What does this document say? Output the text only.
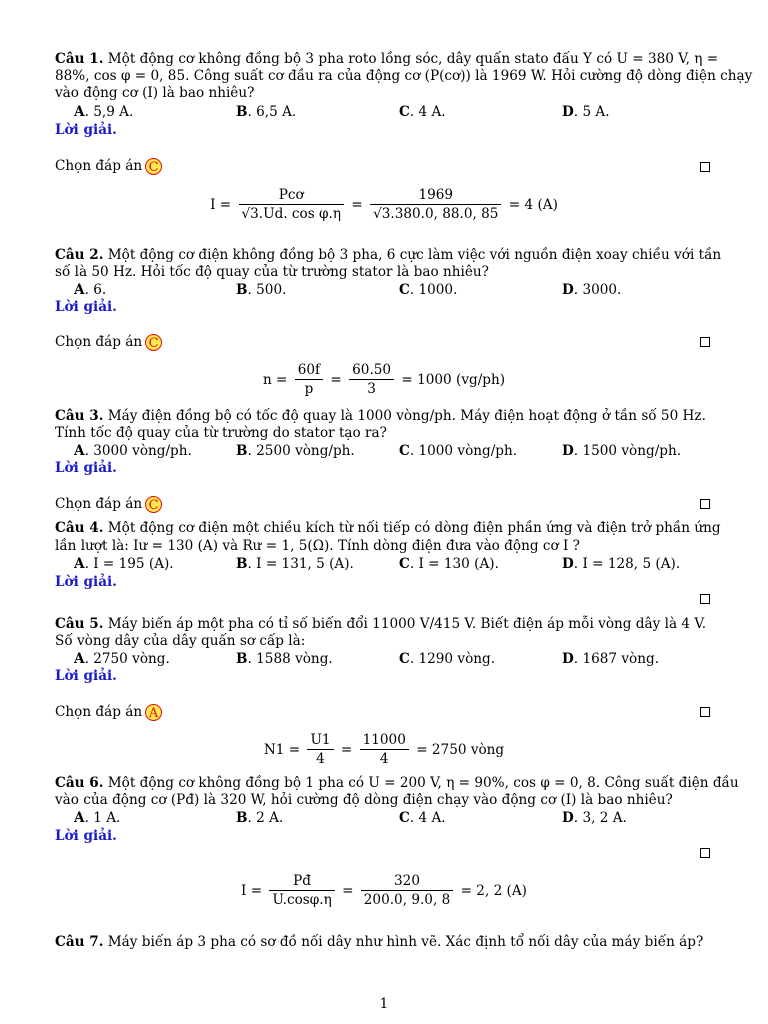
Câu 1. Một động cơ không đồng bộ 3 pha roto lồng sóc, dây quấn stato đấu Y có U = 380 V, η =
88%, cos φ = 0, 85. Công suất cơ đầu ra của động cơ (P(cơ)) là 1969 W. Hỏi cường độ dòng điện chạy
vào động cơ (I) là bao nhiêu?
A. 5,9 A.	B. 6,5 A.	C. 4 A.	D. 5 A.
Lời giải.
Chọn đáp án C
$I = \frac{\text{Pcơ}}{\text{√3.Ud. cos φ.η}} = \frac{1969}{√3.380.0, 88.0, 85} = 4$ (A)
Câu 2. Một động cơ điện không đồng bộ 3 pha, 6 cực làm việc với nguồn điện xoay chiều với tần
số là 50 Hz. Hỏi tốc độ quay của từ trường stator là bao nhiêu?
A. 6.	B. 500.	C. 1000.	D. 3000.
Lời giải.
Chọn đáp án C
$n = \frac{60f}{p} = \frac{60.50}{3} = 1000$ (vg/ph)
Câu 3. Máy điện đồng bộ có tốc độ quay là 1000 vòng/ph. Máy điện hoạt động ở tần số 50 Hz.
Tính tốc độ quay của từ trường do stator tạo ra?
A. 3000 vòng/ph.	B. 2500 vòng/ph.	C. 1000 vòng/ph.	D. 1500 vòng/ph.
Lời giải.
Chọn đáp án C
Câu 4. Một động cơ điện một chiều kích từ nối tiếp có dòng điện phần ứng và điện trở phần ứng
lần lượt là: Iư = 130 (A) và Rư = 1, 5(Ω). Tính dòng điện đưa vào động cơ I ?
A. I = 195 (A).	B. I = 131, 5 (A).	C. I = 130 (A).	D. I = 128, 5 (A).
Lời giải.
Câu 5. Máy biến áp một pha có tỉ số biến đổi 11000 V/415 V. Biết điện áp mỗi vòng dây là 4 V.
Số vòng dây của dây quấn sơ cấp là:
A. 2750 vòng.	B. 1588 vòng.	C. 1290 vòng.	D. 1687 vòng.
Lời giải.
Chọn đáp án A
$N1 = \frac{U1}{4} = \frac{11000}{4} = 2750$ vòng
Câu 6. Một động cơ không đồng bộ 1 pha có U = 200 V, η = 90%, cos φ = 0, 8. Công suất điện đầu
vào của động cơ (Pđ) là 320 W, hỏi cường độ dòng điện chạy vào động cơ (I) là bao nhiêu?
A. 1 A.	B. 2 A.	C. 4 A.	D. 3, 2 A.
Lời giải.
$I = \frac{Pđ}{U.\cos\varphi.\eta} = \frac{320}{200.0, 9.0, 8} = 2$, 2 (A)
Câu 7. Máy biến áp 3 pha có sơ đồ nối dây như hình vẽ. Xác định tổ nối dây của máy biến áp?
1
